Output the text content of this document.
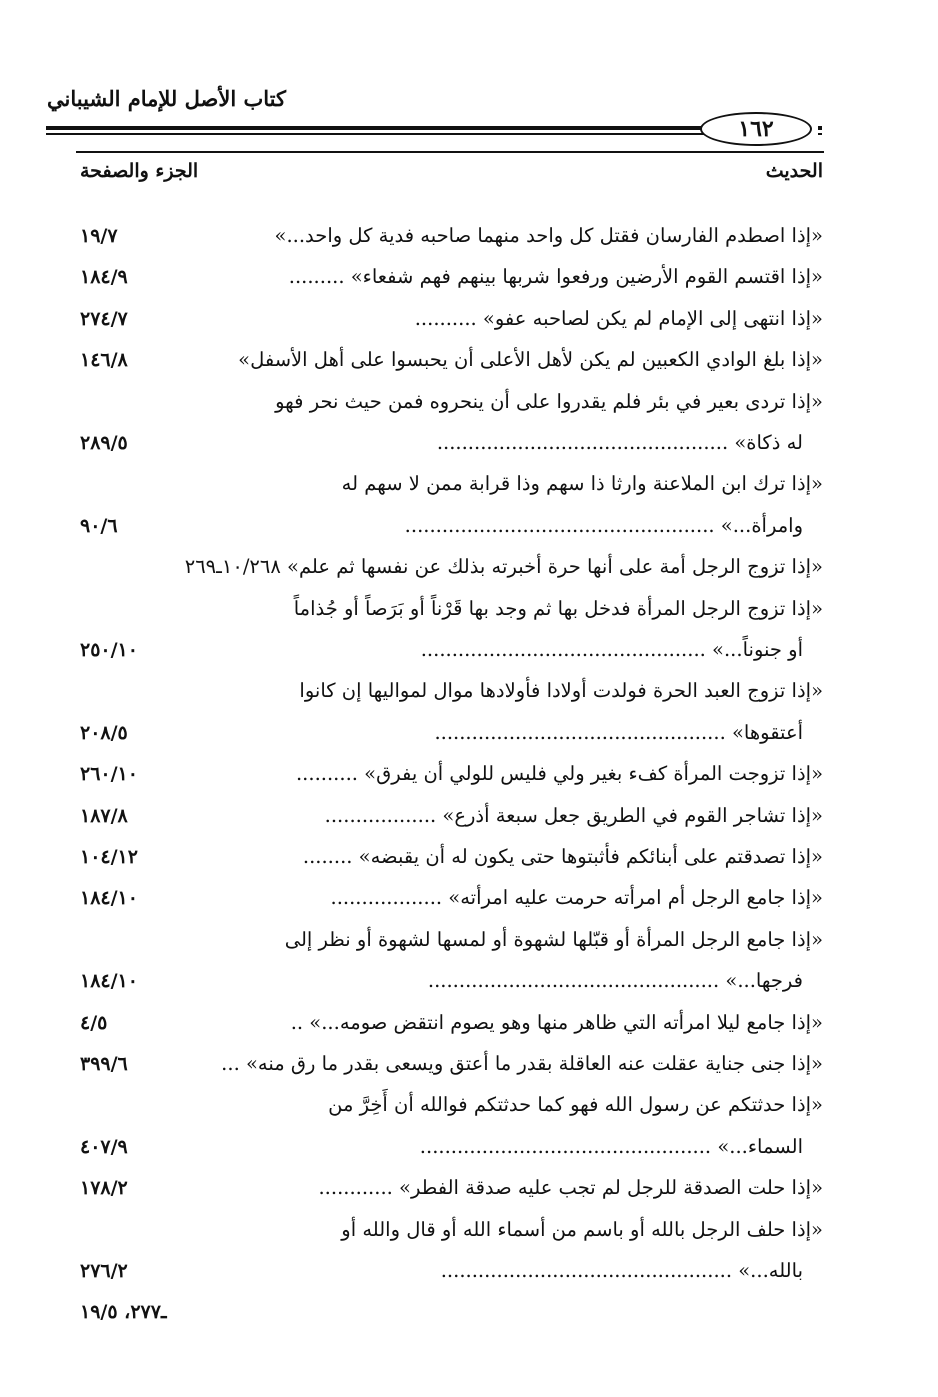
كتاب الأصل للإمام الشيباني
١٦٢
الحديث
الجزء والصفحة
«إذا اصطدم الفارسان فقتل كل واحد منهما صاحبه فدية كل واحد...»
١٩/٧
«إذا اقتسم القوم الأرضين ورفعوا شربها بينهم فهم شفعاء» .........
١٨٤/٩
«إذا انتهى إلى الإمام لم يكن لصاحبه عفو» ..........
٢٧٤/٧
«إذا بلغ الوادي الكعبين لم يكن لأهل الأعلى أن يحبسوا على أهل الأسفل»
١٤٦/٨
«إذا تردى بعير في بئر فلم يقدروا على أن ينحروه فمن حيث نحر فهو
له ذكاة» ...............................................
٢٨٩/٥
«إذا ترك ابن الملاعنة وارثا ذا سهم وذا قرابة ممن لا سهم له
وامرأة...» ..................................................
٩٠/٦
«إذا تزوج الرجل أمة على أنها حرة أخبرته بذلك عن نفسها ثم علم» ١٠/٢٦٨ـ٢٦٩
«إذا تزوج الرجل المرأة فدخل بها ثم وجد بها قَرْناً أو بَرَصاً أو جُذاماً
أو جنوناً...» ..............................................
٢٥٠/١٠
«إذا تزوج العبد الحرة فولدت أولادا فأولادها موال لمواليها إن كانوا
أعتقوها» ...............................................
٢٠٨/٥
«إذا تزوجت المرأة كفء بغير ولي فليس للولي أن يفرق» ..........
٢٦٠/١٠
«إذا تشاجر القوم في الطريق جعل سبعة أذرع» ..................
١٨٧/٨
«إذا تصدقتم على أبنائكم فأثبتوها حتى يكون له أن يقبضه» ........
١٠٤/١٢
«إذا جامع الرجل أم امرأته حرمت عليه امرأته» ..................
١٨٤/١٠
«إذا جامع الرجل المرأة أو قبّلها لشهوة أو لمسها لشهوة أو نظر إلى
فرجها...» ...............................................
١٨٤/١٠
«إذا جامع ليلا امرأته التي ظاهر منها وهو يصوم انتقض صومه...» ..
٤/٥
«إذا جنى جناية عقلت عنه العاقلة بقدر ما أعتق ويسعى بقدر ما رق منه» ...
٣٩٩/٦
«إذا حدثتكم عن رسول الله فهو كما حدثتكم فوالله أن أَخِرَّ من
السماء...» ...............................................
٤٠٧/٩
«إذا حلت الصدقة للرجل لم تجب عليه صدقة الفطر» ............
١٧٨/٢
«إذا حلف الرجل بالله أو باسم من أسماء الله أو قال والله أو
بالله...» ...............................................
٢٧٦/٢
ـ٢٧٧، ١٩/٥
